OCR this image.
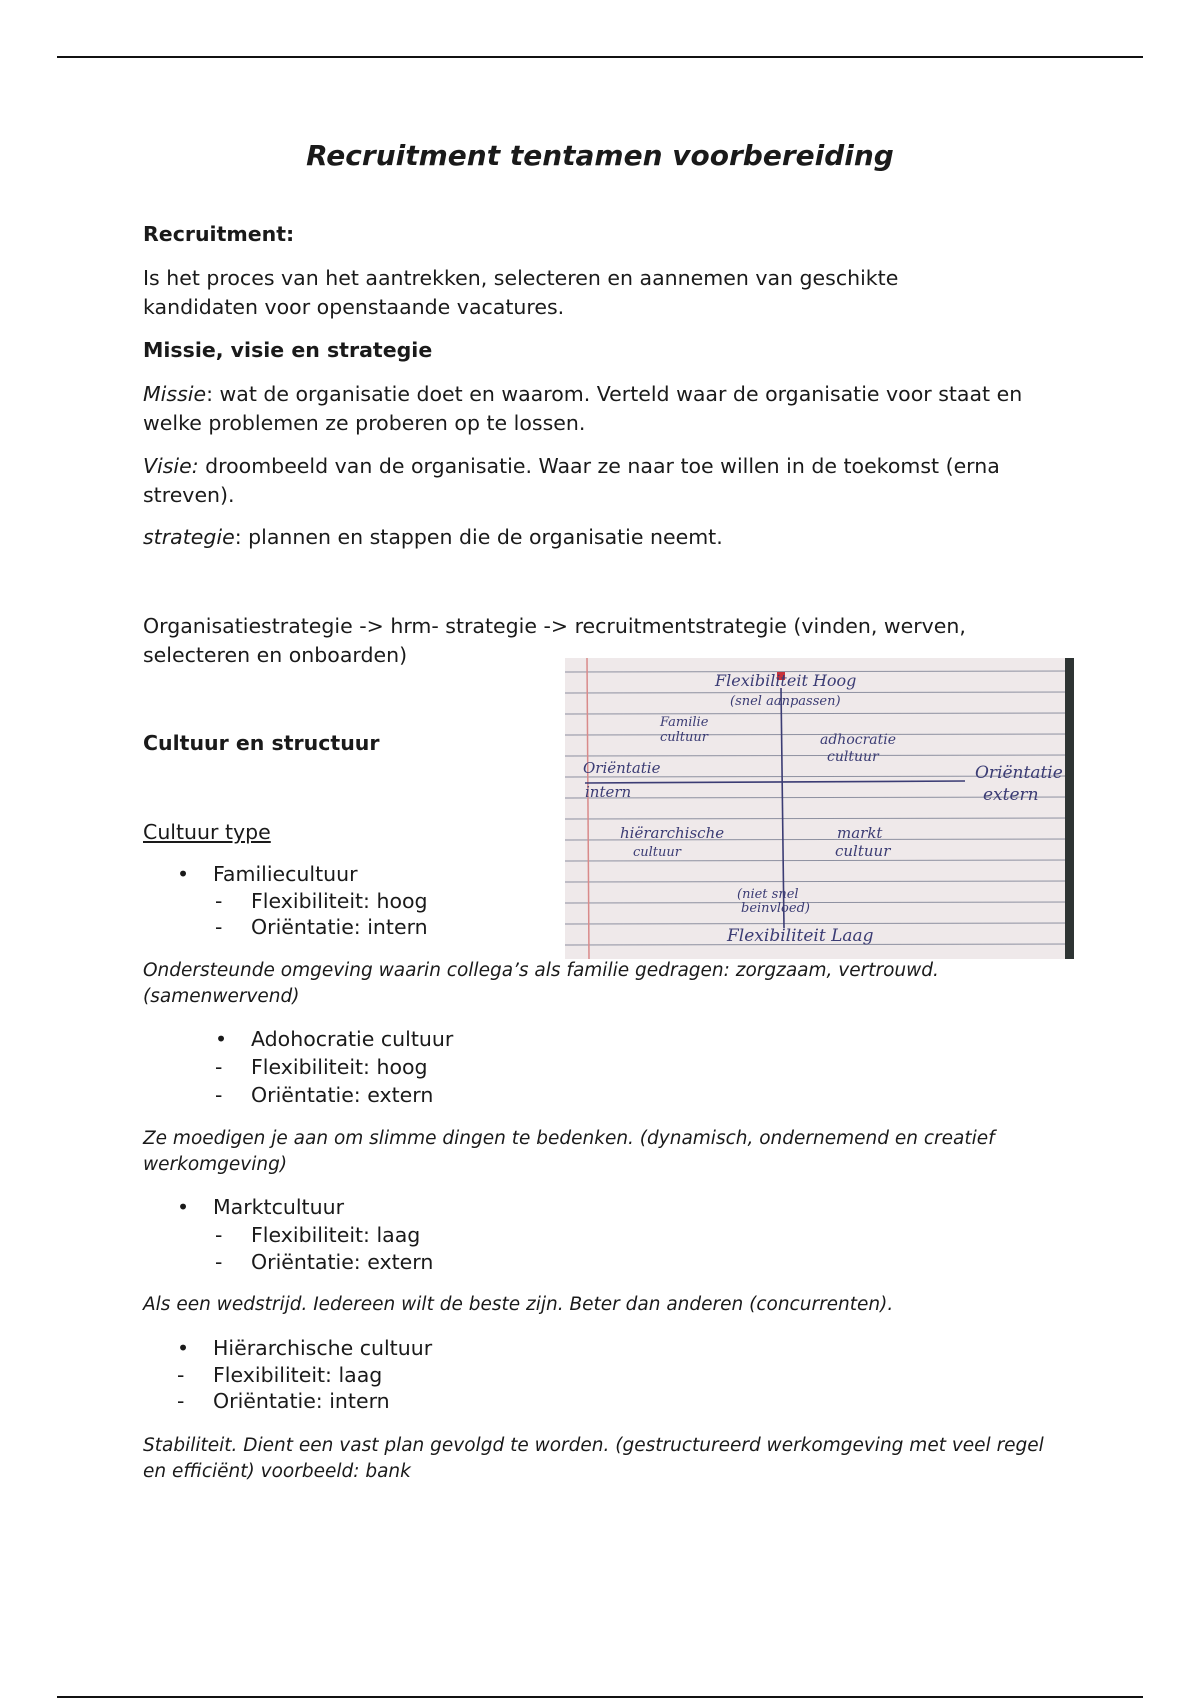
Recruitment tentamen voorbereiding
Recruitment:
Is het proces van het aantrekken, selecteren en aannemen van geschikte kandidaten voor openstaande vacatures.
Missie, visie en strategie
Missie: wat de organisatie doet en waarom. Verteld waar de organisatie voor staat en welke problemen ze proberen op te lossen.
Visie: droombeeld van de organisatie. Waar ze naar toe willen in de toekomst (erna streven).
strategie: plannen en stappen die de organisatie neemt.
Organisatiestrategie -> hrm- strategie -> recruitmentstrategie (vinden, werven, selecteren en onboarden)
Flexibiliteit Hoog
(snel aanpassen)
Familie
cultuur	adhocratie
cultuur
Oriëntatie
intern
Oriëntatie
extern
hiërarchische
cultuur
markt
cultuur
(niet snel
beinvloed)
Flexibiliteit Laag
Cultuur en structuur
Cultuur type
• Familiecultuur
- Flexibiliteit: hoog
- Oriëntatie: intern
Ondersteunde omgeving waarin collega’s als familie gedragen: zorgzaam, vertrouwd. (samenwervend)
• Adohocratie cultuur
- Flexibiliteit: hoog
- Oriëntatie: extern
Ze moedigen je aan om slimme dingen te bedenken. (dynamisch, ondernemend en creatief werkomgeving)
• Marktcultuur
- Flexibiliteit: laag
- Oriëntatie: extern
Als een wedstrijd. Iedereen wilt de beste zijn. Beter dan anderen (concurrenten).
• Hiërarchische cultuur
- Flexibiliteit: laag
- Oriëntatie: intern
Stabiliteit. Dient een vast plan gevolgd te worden. (gestructureerd werkomgeving met veel regel en efficiënt) voorbeeld: bank
